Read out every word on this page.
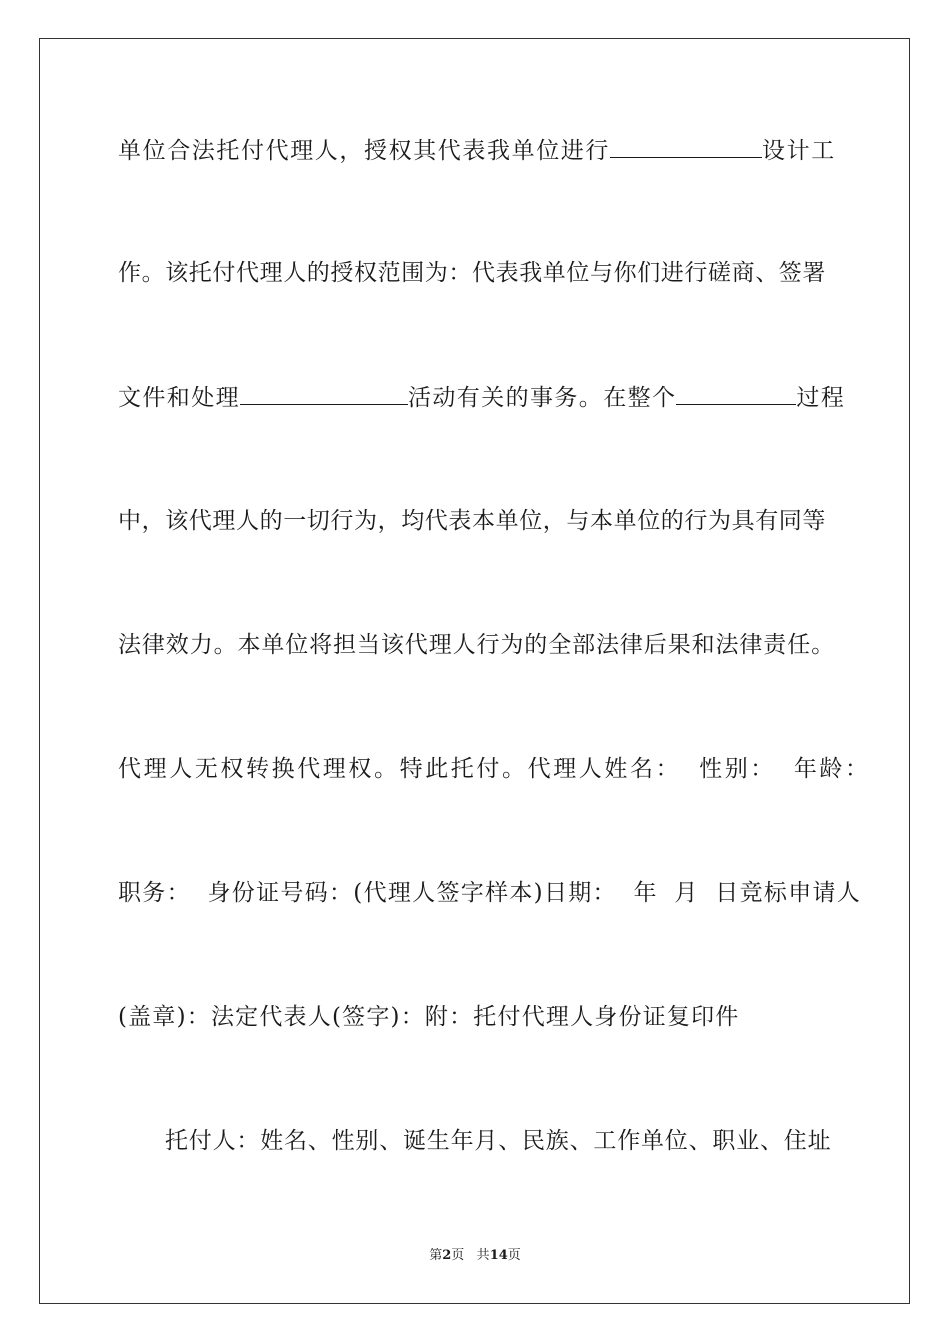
单位合法托付代理人，授权其代表我单位进行	设计工
作。该托付代理人的授权范围为：代表我单位与你们进行磋商、签署
文件和处理	活动有关的事务。在整个	过程
中，该代理人的一切行为，均代表本单位，与本单位的行为具有同等
法律效力。本单位将担当该代理人行为的全部法律后果和法律责任。
代理人无权转换代理权。特此托付。代理人姓名： 性别： 年龄：
职务： 身份证号码：(代理人签字样本)日期： 年 月 日竞标申请人
(盖章)：法定代表人(签字)：附：托付代理人身份证复印件
托付人：姓名、性别、诞生年月、民族、工作单位、职业、住址
第2页 共14页
